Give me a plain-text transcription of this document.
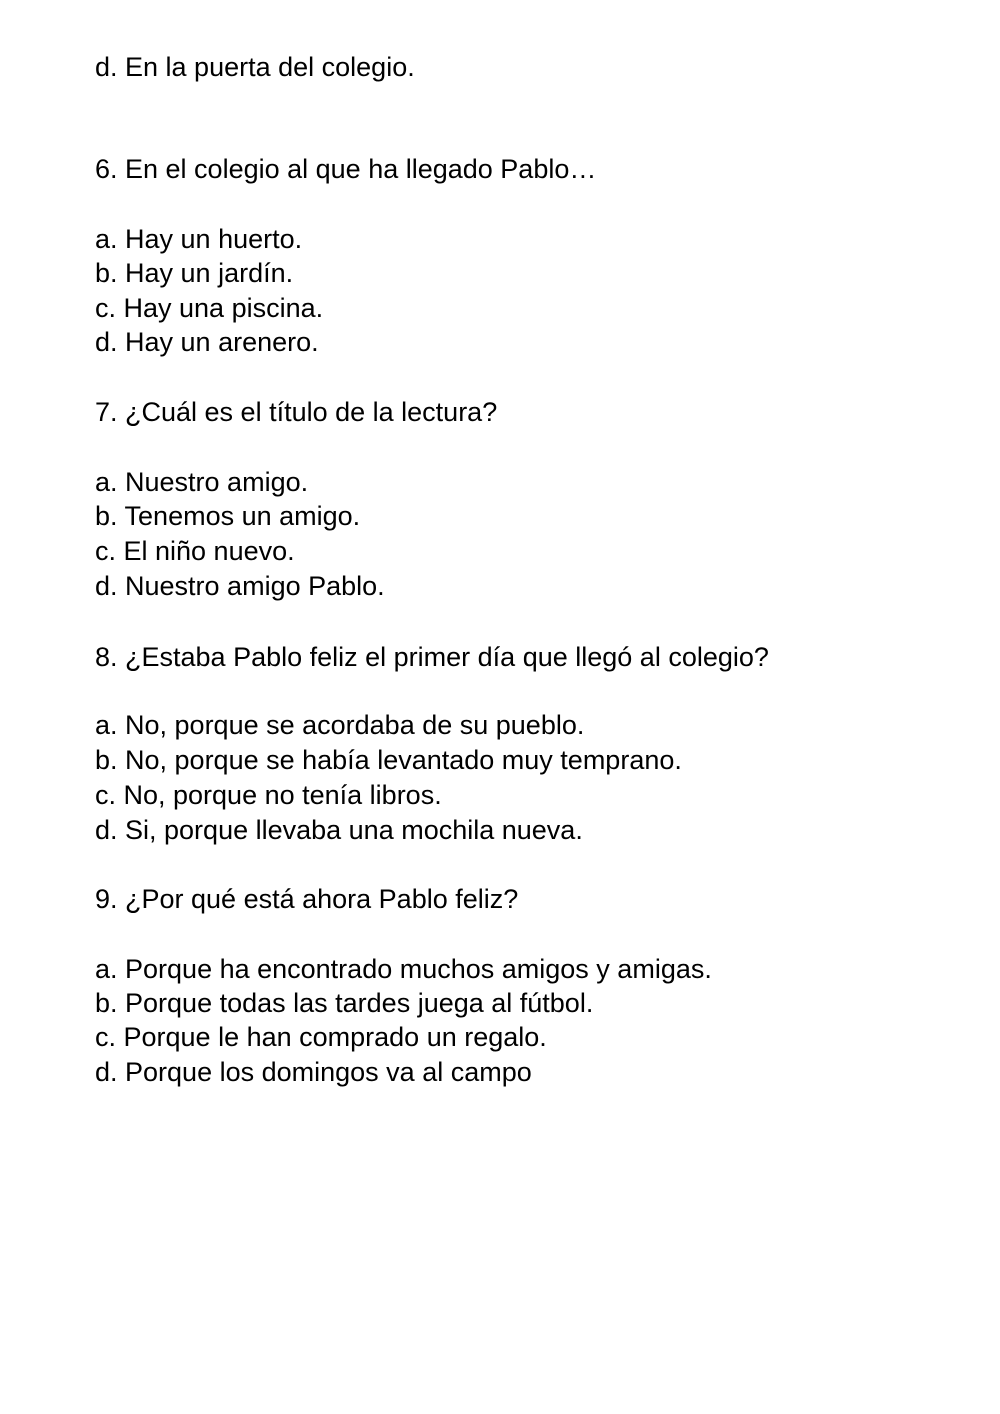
d. En la puerta del colegio.

6. En el colegio al que ha llegado Pablo…

a. Hay un huerto.

b. Hay un jardín.

c. Hay una piscina.

d. Hay un arenero.

7. ¿Cuál es el título de la lectura?

a. Nuestro amigo.

b. Tenemos un amigo.

c. El niño nuevo.

d. Nuestro amigo Pablo.

8. ¿Estaba Pablo feliz el primer día que llegó al colegio?

a. No, porque se acordaba de su pueblo.

b. No, porque se había levantado muy temprano.

c. No, porque no tenía libros.

d. Si, porque llevaba una mochila nueva.

9. ¿Por qué está ahora Pablo feliz?

a. Porque ha encontrado muchos amigos y amigas.

b. Porque todas las tardes juega al fútbol.

c. Porque le han comprado un regalo.

d. Porque los domingos va al campo
